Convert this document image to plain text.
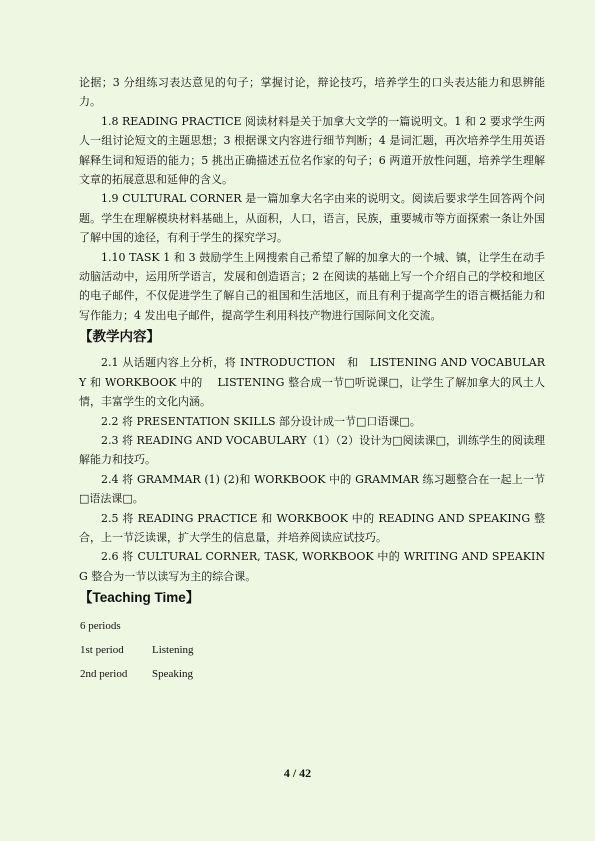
论据；3 分组练习表达意见的句子；掌握讨论，辩论技巧，培养学生的口头表达能力和思辨能力。

1.8 READING PRACTICE 阅读材料是关于加拿大文学的一篇说明文。1 和 2 要求学生两人一组讨论短文的主题思想；3 根据课文内容进行细节判断；4 是词汇题，再次培养学生用英语解释生词和短语的能力；5 挑出正确描述五位名作家的句子；6 两道开放性问题，培养学生理解文章的拓展意思和延伸的含义。

1.9 CULTURAL CORNER 是一篇加拿大名字由来的说明文。阅读后要求学生回答两个问题。学生在理解模块材料基础上，从面积，人口，语言，民族，重要城市等方面探索一条让外国了解中国的途径，有利于学生的探究学习。

1.10 TASK 1 和 3 鼓励学生上网搜索自己希望了解的加拿大的一个城、镇，让学生在动手动脑活动中，运用所学语言，发展和创造语言；2 在阅读的基础上写一个介绍自己的学校和地区的电子邮件，不仅促进学生了解自己的祖国和生活地区，而且有利于提高学生的语言概括能力和写作能力；4 发出电子邮件，提高学生利用科技产物进行国际间文化交流。

【教学内容】

2.1 从话题内容上分析，将 INTRODUCTION　和　LISTENING AND VOCABULARY 和 WORKBOOK 中的　 LISTENING 整合成一节□听说课□，让学生了解加拿大的风土人情，丰富学生的文化内涵。

2.2 将 PRESENTATION SKILLS 部分设计成一节□口语课□。

2.3 将 READING AND VOCABULARY（1）（2）设计为□阅读课□，训练学生的阅读理解能力和技巧。

2.4 将 GRAMMAR (1) (2)和 WORKBOOK 中的 GRAMMAR 练习题整合在一起上一节□语法课□。

2.5 将 READING PRACTICE 和 WORKBOOK 中的 READING AND SPEAKING 整合，上一节泛读课，扩大学生的信息量，并培养阅读应试技巧。

2.6 将 CULTURAL CORNER, TASK, WORKBOOK 中的 WRITING AND SPEAKING 整合为一节以读写为主的综合课。

【Teaching Time】
6 periods
1st period	Listening
2nd period	Speaking
4 / 42
